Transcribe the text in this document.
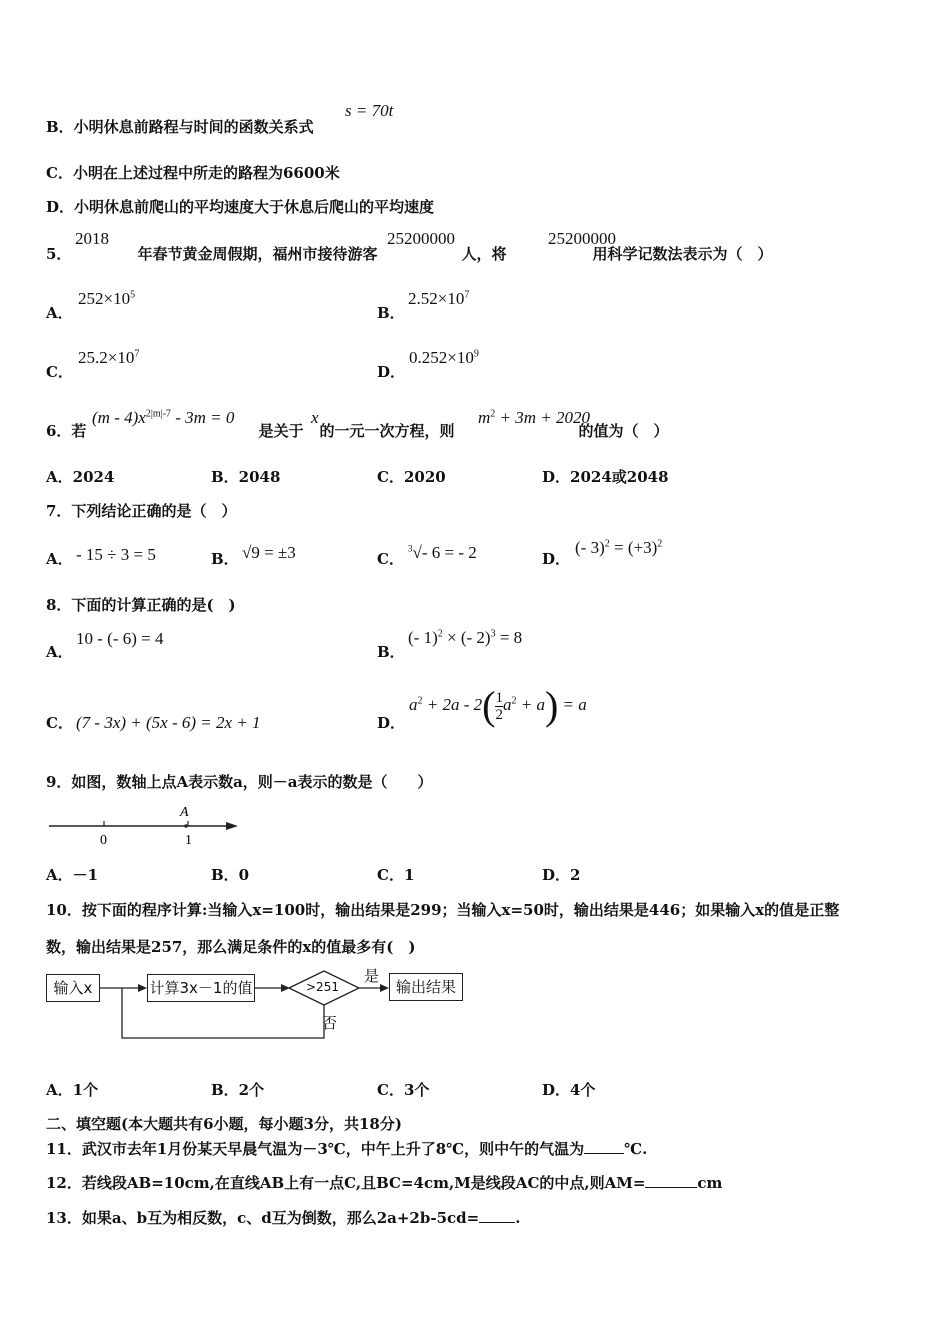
B．小明休息前路程与时间的函数关系式
s = 70t
C．小明在上述过程中所走的路程为6600米
D．小明休息前爬山的平均速度大于休息后爬山的平均速度
5．	年春节黄金周假期，福州市接待游客	人，将	用科学记数法表示为（　）
2018	25200000	25200000
A．
$252\times 10^5$
B．
$2.52\times 10^7$
C．
$25.2\times 10^7$
D．
$0.252\times 10^9$
6．若	是关于 的一元一次方程，则	的值为（　）
$(m - 4)x^{2|m|-7} - 3m = 0$	x	$m^2 + 3m + 2020$
A．2024	B．2048	C．2020	D．2024或2048
7．下列结论正确的是（　）
A． - 15 ÷ 3 = 5	B． √9 = ±3	C．
$^3$√- 6 = - 2	D．
(- $3)^2 = (+3)^2$
8．下面的计算正确的是(　)
A．
10 - (- 6) = 4
B．
(- 1)$^2$ × (- 2)$^3$ = 8
C． (7 - 3x) + (5x - 6) = 2x + 1	D．
$a^2 + 2a - 2( \frac{1}{2} a^2 + a) = a$
9．如图，数轴上点A表示数a，则－a表示的数是（　　）
A
0	1
A．－1	B．0	C．1	D．2
10．按下面的程序计算:当输入x=100时，输出结果是299；当输入x=50时，输出结果是446；如果输入x的值是正整
数，输出结果是257，那么满足条件的x的值最多有(　)
输入x	计算3x－1的值	>251
是
否
输出结果
A．1个	B．2个	C．3个	D．4个
二、填空题(本大题共有6小题，每小题3分，共18分)
11．武汉市去年1月份某天早晨气温为－3℃，中午上升了8℃，则中午的气温为	℃.
12．若线段AB=10cm,在直线AB上有一点C,且BC=4cm,M是线段AC的中点,则AM=	cm
13．如果a、b互为相反数，c、d互为倒数，那么2a+2b-5cd= .
